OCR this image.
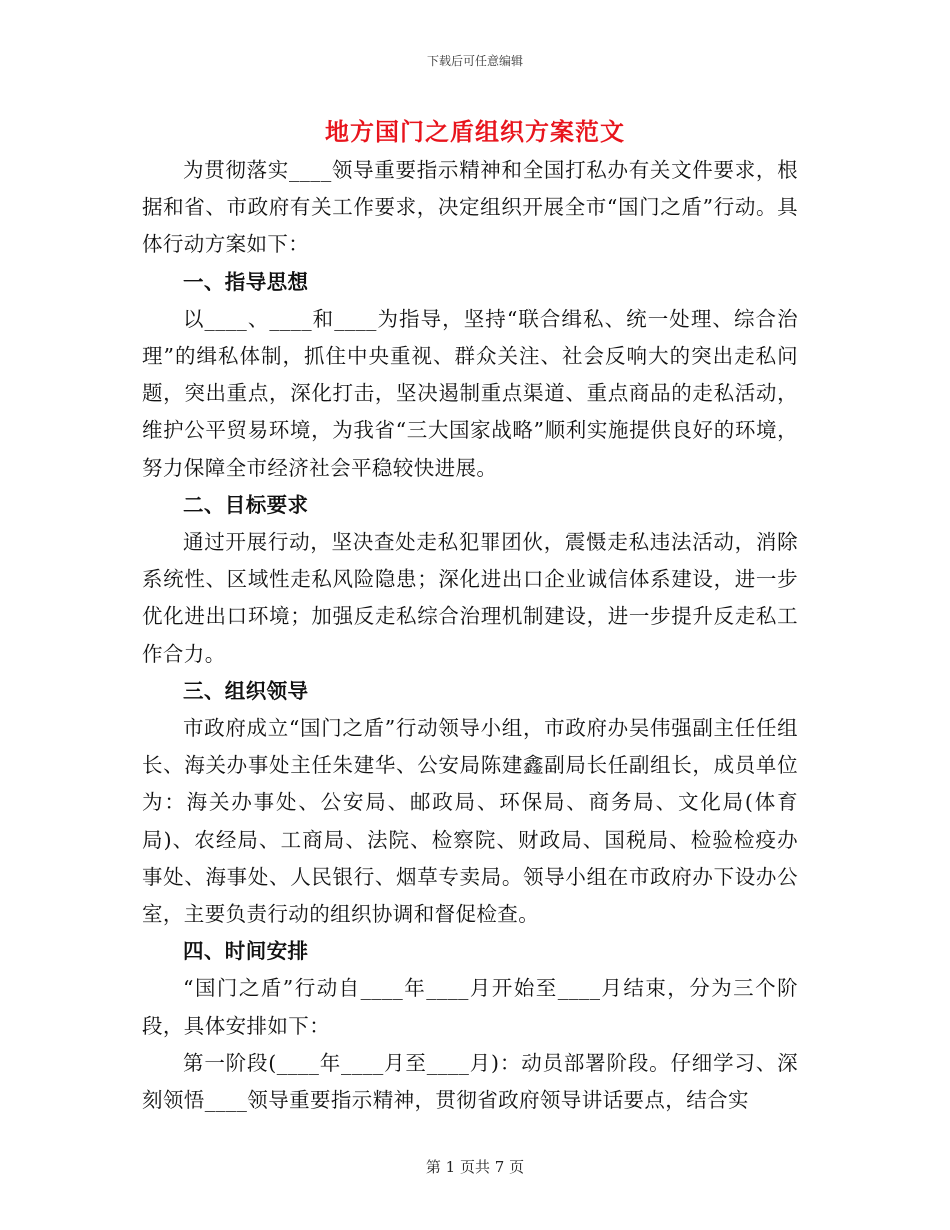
下载后可任意编辑
地方国门之盾组织方案范文

为贯彻落实____领导重要指示精神和全国打私办有关文件要求，根据和省、市政府有关工作要求，决定组织开展全市“国门之盾”行动。具体行动方案如下：

一、指导思想

以____、____和____为指导，坚持“联合缉私、统一处理、综合治理”的缉私体制，抓住中央重视、群众关注、社会反响大的突出走私问题，突出重点，深化打击，坚决遏制重点渠道、重点商品的走私活动，维护公平贸易环境，为我省“三大国家战略”顺利实施提供良好的环境，努力保障全市经济社会平稳较快进展。

二、目标要求

通过开展行动，坚决查处走私犯罪团伙，震慑走私违法活动，消除系统性、区域性走私风险隐患；深化进出口企业诚信体系建设，进一步优化进出口环境；加强反走私综合治理机制建设，进一步提升反走私工作合力。

三、组织领导

市政府成立“国门之盾”行动领导小组，市政府办吴伟强副主任任组长、海关办事处主任朱建华、公安局陈建鑫副局长任副组长，成员单位为：海关办事处、公安局、邮政局、环保局、商务局、文化局(体育局)、农经局、工商局、法院、检察院、财政局、国税局、检验检疫办事处、海事处、人民银行、烟草专卖局。领导小组在市政府办下设办公室，主要负责行动的组织协调和督促检查。

四、时间安排

“国门之盾”行动自____年____月开始至____月结束，分为三个阶段，具体安排如下：

第一阶段(____年____月至____月)：动员部署阶段。仔细学习、深刻领悟____领导重要指示精神，贯彻省政府领导讲话要点，结合实

第 1 页共 7 页
